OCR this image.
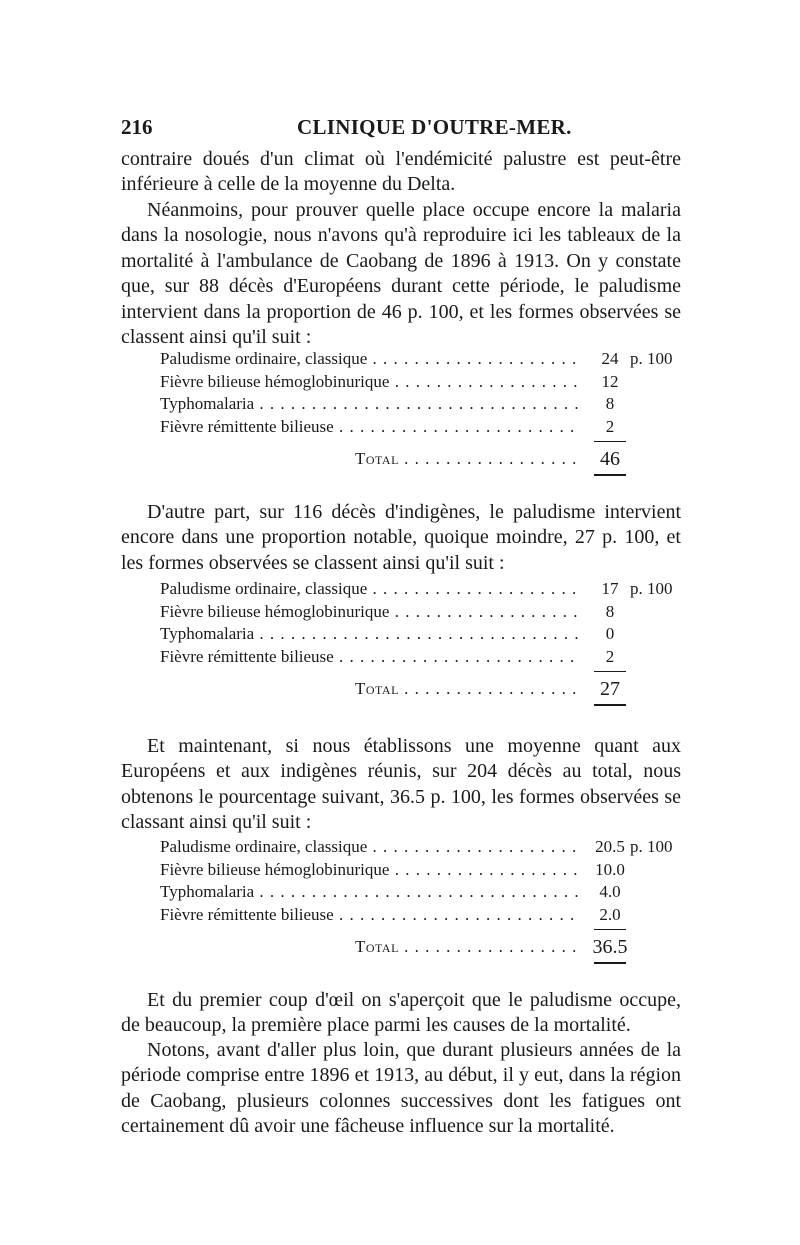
216	CLINIQUE D'OUTRE-MER.
contraire doués d'un climat où l'endémicité palustre est peut-être inférieure à celle de la moyenne du Delta.
Néanmoins, pour prouver quelle place occupe encore la malaria dans la nosologie, nous n'avons qu'à reproduire ici les tableaux de la mortalité à l'ambulance de Caobang de 1896 à 1913. On y constate que, sur 88 décès d'Européens durant cette période, le paludisme intervient dans la proportion de 46 p. 100, et les formes observées se classent ainsi qu'il suit :
Paludisme ordinaire, classique . . .	24 p. 100
Fièvre bilieuse hémoglobinurique . . .	12
Typhomalaria . . .	8
Fièvre rémittente bilieuse . . .	2
Total . . .	46
D'autre part, sur 116 décès d'indigènes, le paludisme intervient encore dans une proportion notable, quoique moindre, 27 p. 100, et les formes observées se classent ainsi qu'il suit :
Paludisme ordinaire, classique . . .	17 p. 100
Fièvre bilieuse hémoglobinurique . . .	8
Typhomalaria . . .	0
Fièvre rémittente bilieuse . . .	2
Total . . .	27
Et maintenant, si nous établissons une moyenne quant aux Européens et aux indigènes réunis, sur 204 décès au total, nous obtenons le pourcentage suivant, 36.5 p. 100, les formes observées se classant ainsi qu'il suit :
Paludisme ordinaire, classique . . .	20.5 p. 100
Fièvre bilieuse hémoglobinurique . . .	10.0
Typhomalaria . . .	4.0
Fièvre rémittente bilieuse . . .	2.0
Total . . .	36.5
Et du premier coup d'œil on s'aperçoit que le paludisme occupe, de beaucoup, la première place parmi les causes de la mortalité.
Notons, avant d'aller plus loin, que durant plusieurs années de la période comprise entre 1896 et 1913, au début, il y eut, dans la région de Caobang, plusieurs colonnes successives dont les fatigues ont certainement dû avoir une fâcheuse influence sur la mortalité.
